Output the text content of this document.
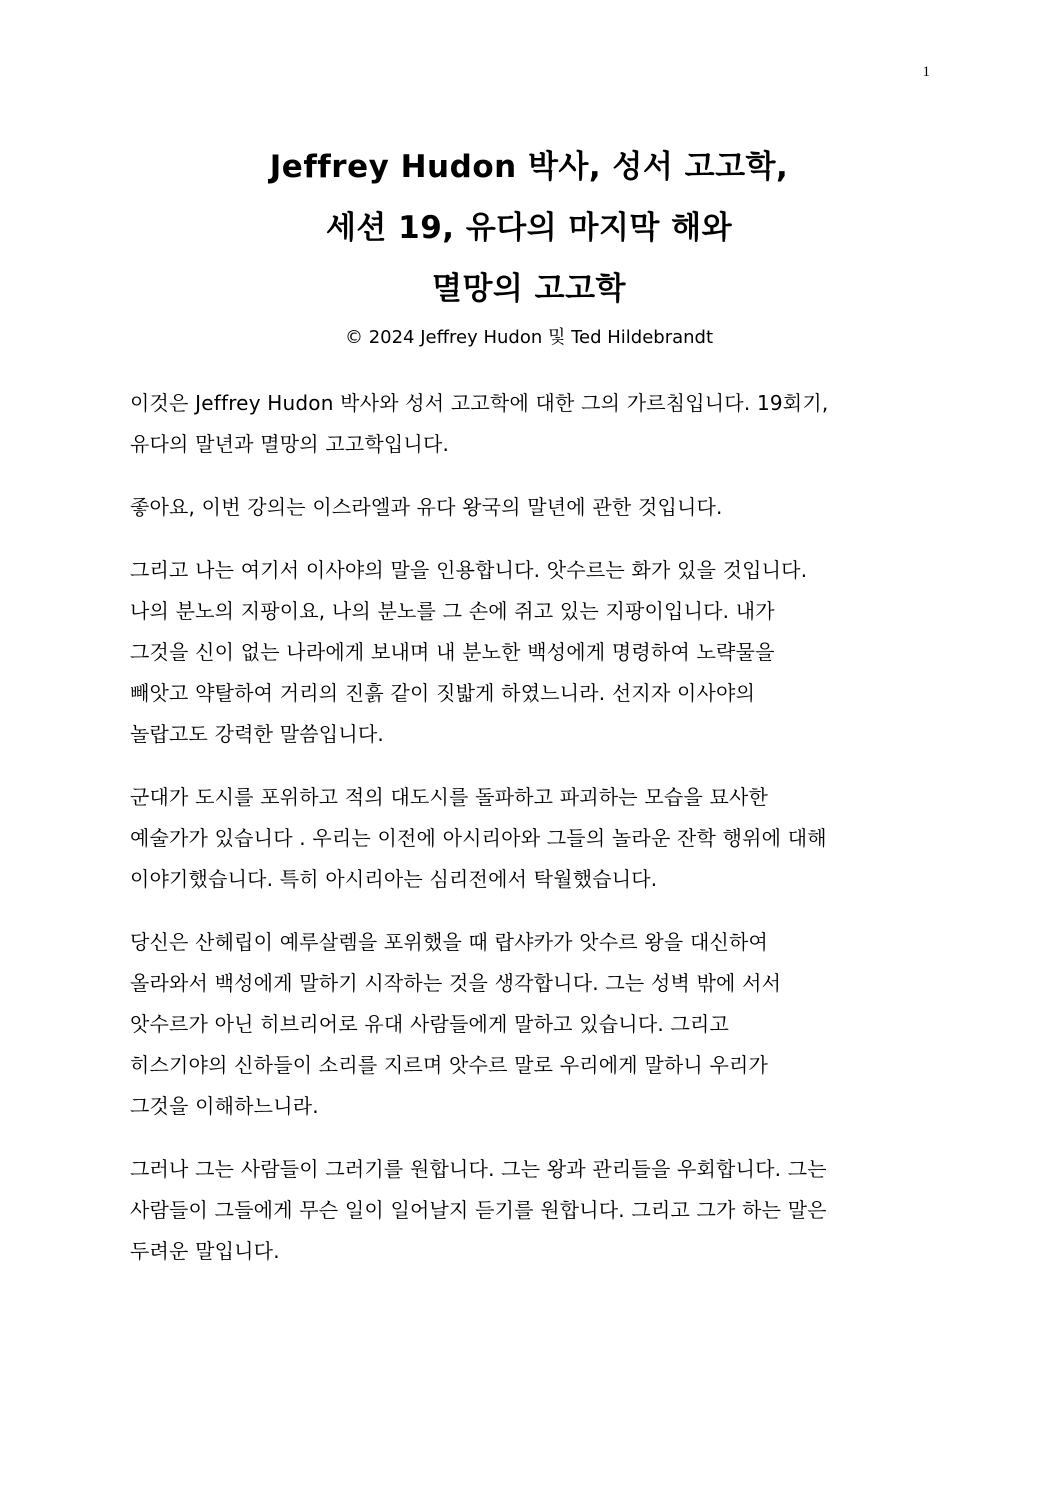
1
Jeffrey Hudon 박사, 성서 고고학,
세션 19, 유다의 마지막 해와
멸망의 고고학
© 2024 Jeffrey Hudon 및 Ted Hildebrandt
이것은 Jeffrey Hudon 박사와 성서 고고학에 대한 그의 가르침입니다. 19회기,
유다의 말년과 멸망의 고고학입니다.
좋아요, 이번 강의는 이스라엘과 유다 왕국의 말년에 관한 것입니다.
그리고 나는 여기서 이사야의 말을 인용합니다. 앗수르는 화가 있을 것입니다.
나의 분노의 지팡이요, 나의 분노를 그 손에 쥐고 있는 지팡이입니다. 내가
그것을 신이 없는 나라에게 보내며 내 분노한 백성에게 명령하여 노략물을
빼앗고 약탈하여 거리의 진흙 같이 짓밟게 하였느니라. 선지자 이사야의
놀랍고도 강력한 말씀입니다.
군대가 도시를 포위하고 적의 대도시를 돌파하고 파괴하는 모습을 묘사한
예술가가 있습니다 . 우리는 이전에 아시리아와 그들의 놀라운 잔학 행위에 대해
이야기했습니다. 특히 아시리아는 심리전에서 탁월했습니다.
당신은 산헤립이 예루살렘을 포위했을 때 랍샤카가 앗수르 왕을 대신하여
올라와서 백성에게 말하기 시작하는 것을 생각합니다. 그는 성벽 밖에 서서
앗수르가 아닌 히브리어로 유대 사람들에게 말하고 있습니다. 그리고
히스기야의 신하들이 소리를 지르며 앗수르 말로 우리에게 말하니 우리가
그것을 이해하느니라.
그러나 그는 사람들이 그러기를 원합니다. 그는 왕과 관리들을 우회합니다. 그는
사람들이 그들에게 무슨 일이 일어날지 듣기를 원합니다. 그리고 그가 하는 말은
두려운 말입니다.
